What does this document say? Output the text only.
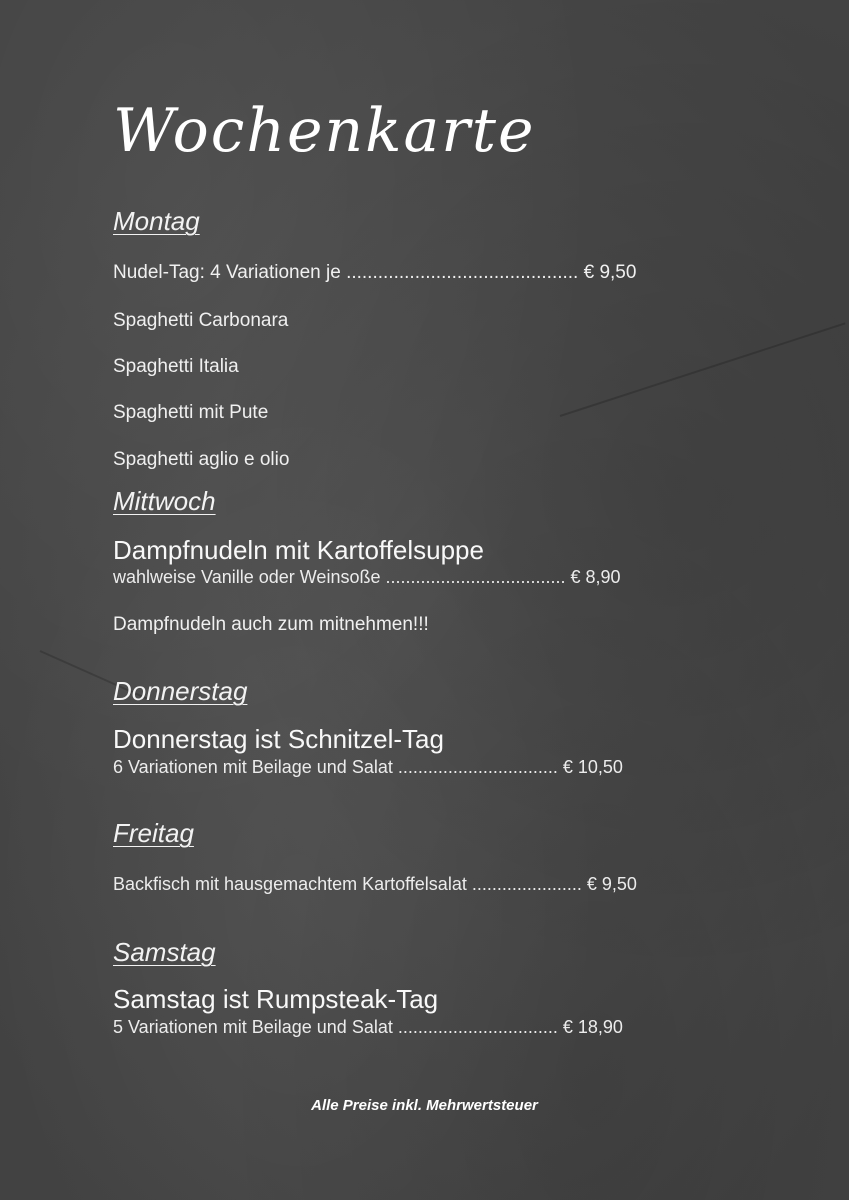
Wochenkarte
Montag
Nudel-Tag: 4 Variationen je ............................................ € 9,50
Spaghetti Carbonara
Spaghetti Italia
Spaghetti mit Pute
Spaghetti aglio e olio
Mittwoch
Dampfnudeln mit Kartoffelsuppe
wahlweise Vanille oder Weinsoße .................................... € 8,90
Dampfnudeln auch zum mitnehmen!!!
Donnerstag
Donnerstag ist Schnitzel-Tag
6 Variationen mit Beilage und Salat ................................ € 10,50
Freitag
Backfisch mit hausgemachtem Kartoffelsalat ...................... € 9,50
Samstag
Samstag ist Rumpsteak-Tag
5 Variationen mit Beilage und Salat ................................ € 18,90
Alle Preise inkl. Mehrwertsteuer
